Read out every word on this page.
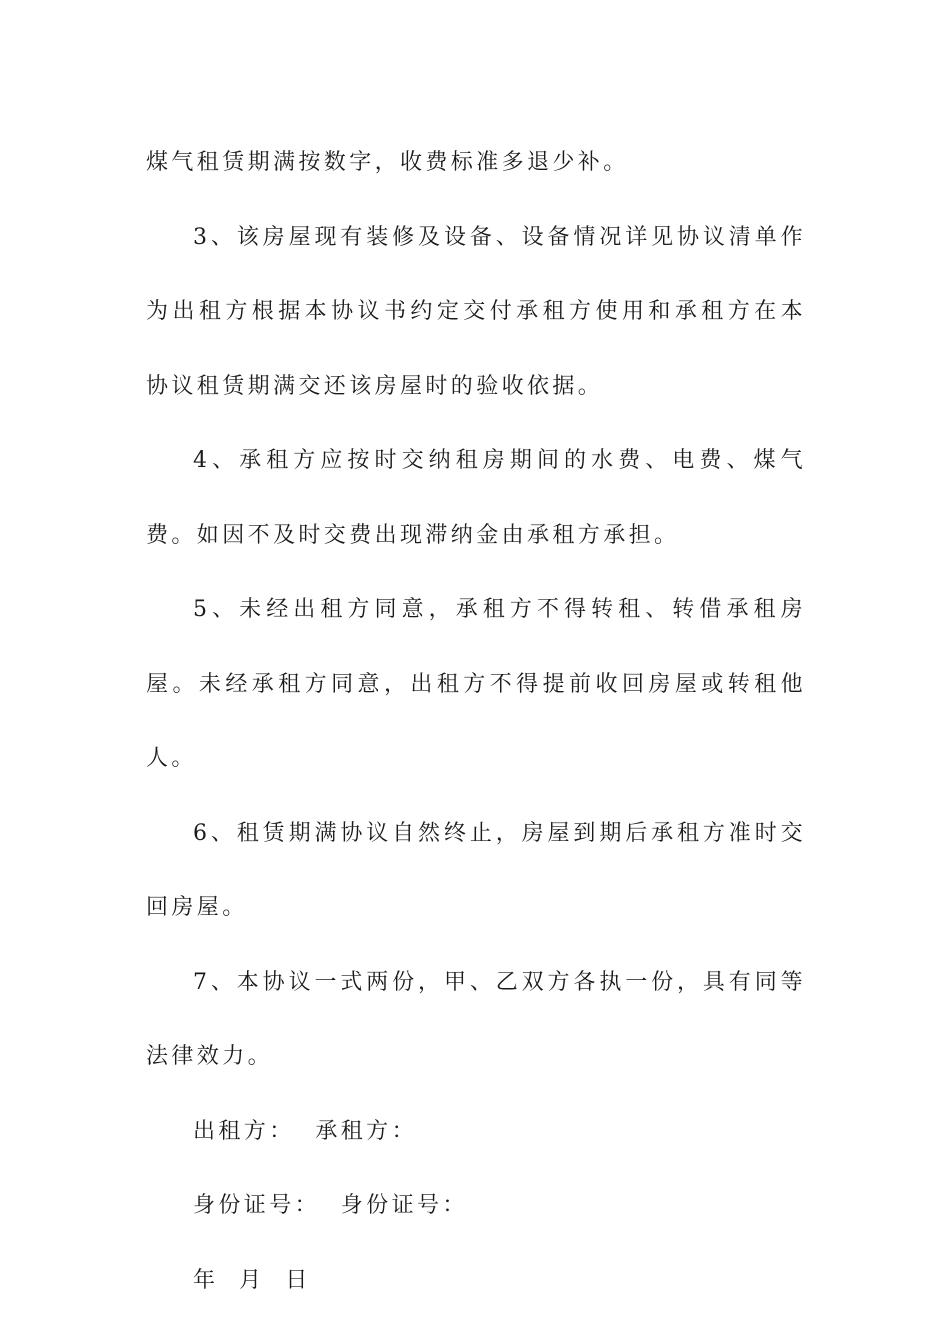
煤气租赁期满按数字，收费标准多退少补。

3、该房屋现有装修及设备、设备情况详见协议清单作为出租方根据本协议书约定交付承租方使用和承租方在本协议租赁期满交还该房屋时的验收依据。

4、承租方应按时交纳租房期间的水费、电费、煤气费。如因不及时交费出现滞纳金由承租方承担。

5、未经出租方同意，承租方不得转租、转借承租房屋。未经承租方同意，出租方不得提前收回房屋或转租他人。

6、租赁期满协议自然终止，房屋到期后承租方准时交回房屋。

7、本协议一式两份，甲、乙双方各执一份，具有同等法律效力。

出租方：  承租方：

身份证号：  身份证号：

年  月  日
